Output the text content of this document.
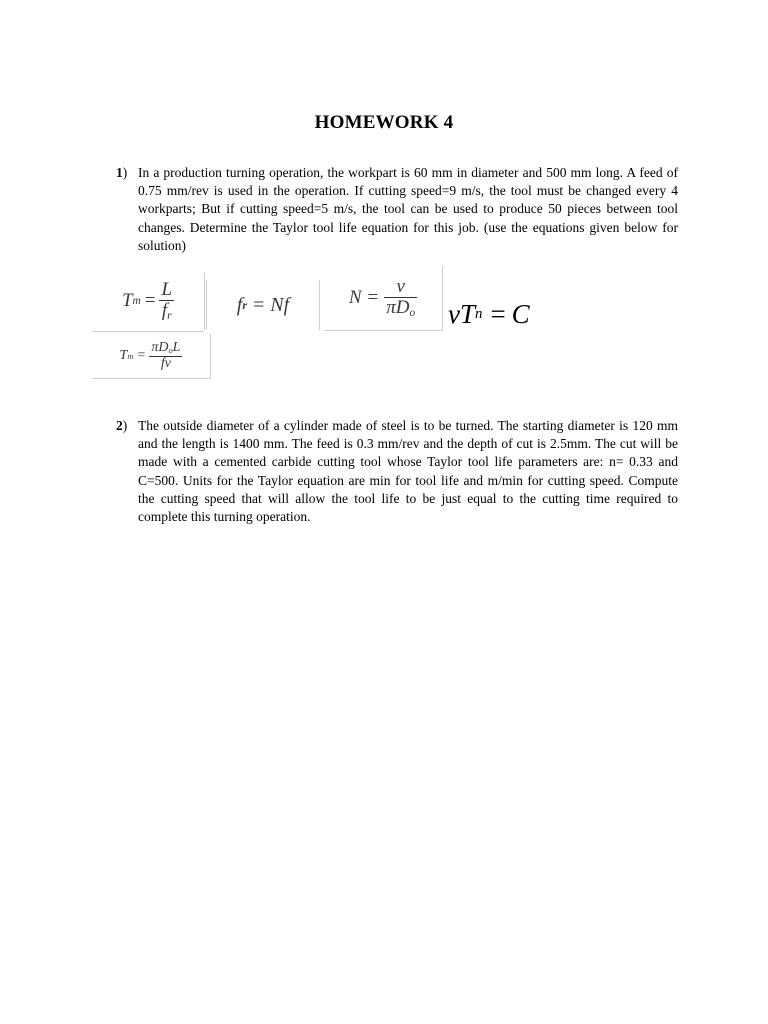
HOMEWORK 4
1) In a production turning operation, the workpart is 60 mm in diameter and 500 mm long. A feed of 0.75 mm/rev is used in the operation. If cutting speed=9 m/s, the tool must be changed every 4 workparts; But if cutting speed=5 m/s, the tool can be used to produce 50 pieces between tool changes. Determine the Taylor tool life equation for this job. (use the equations given below for solution)
T $m = \frac{L}{f_r}$	f r = Nf	$N = \frac{v}{\pi D_o}$ v T n = C
T $m = \frac{\pi D_oL}{fv}$
2) The outside diameter of a cylinder made of steel is to be turned. The starting diameter is 120 mm and the length is 1400 mm. The feed is 0.3 mm/rev and the depth of cut is 2.5mm. The cut will be made with a cemented carbide cutting tool whose Taylor tool life parameters are: n= 0.33 and C=500. Units for the Taylor equation are min for tool life and m/min for cutting speed. Compute the cutting speed that will allow the tool life to be just equal to the cutting time required to complete this turning operation.
